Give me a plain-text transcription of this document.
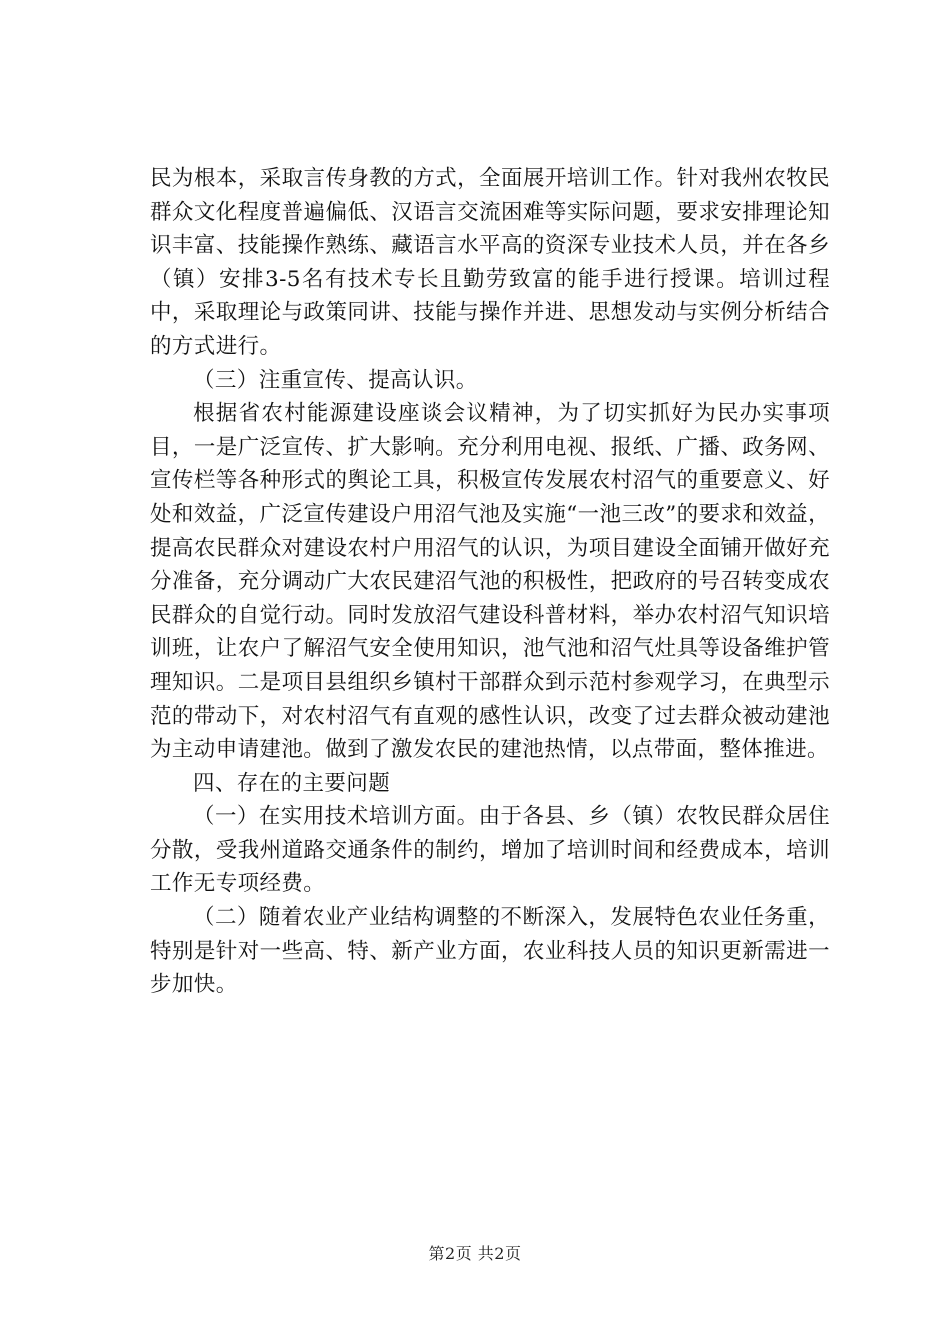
民为根本，采取言传身教的方式，全面展开培训工作。针对我州农牧民群众文化程度普遍偏低、汉语言交流困难等实际问题，要求安排理论知识丰富、技能操作熟练、藏语言水平高的资深专业技术人员，并在各乡（镇）安排3-5名有技术专长且勤劳致富的能手进行授课。培训过程中，采取理论与政策同讲、技能与操作并进、思想发动与实例分析结合的方式进行。

（三）注重宣传、提高认识。

根据省农村能源建设座谈会议精神，为了切实抓好为民办实事项目，一是广泛宣传、扩大影响。充分利用电视、报纸、广播、政务网、宣传栏等各种形式的舆论工具，积极宣传发展农村沼气的重要意义、好处和效益，广泛宣传建设户用沼气池及实施“一池三改”的要求和效益，提高农民群众对建设农村户用沼气的认识，为项目建设全面铺开做好充分准备，充分调动广大农民建沼气池的积极性，把政府的号召转变成农民群众的自觉行动。同时发放沼气建设科普材料，举办农村沼气知识培训班，让农户了解沼气安全使用知识，池气池和沼气灶具等设备维护管理知识。二是项目县组织乡镇村干部群众到示范村参观学习，在典型示范的带动下，对农村沼气有直观的感性认识，改变了过去群众被动建池为主动申请建池。做到了激发农民的建池热情，以点带面，整体推进。

四、存在的主要问题

（一）在实用技术培训方面。由于各县、乡（镇）农牧民群众居住分散，受我州道路交通条件的制约，增加了培训时间和经费成本，培训工作无专项经费。

（二）随着农业产业结构调整的不断深入，发展特色农业任务重，特别是针对一些高、特、新产业方面，农业科技人员的知识更新需进一步加快。

第2页 共2页
